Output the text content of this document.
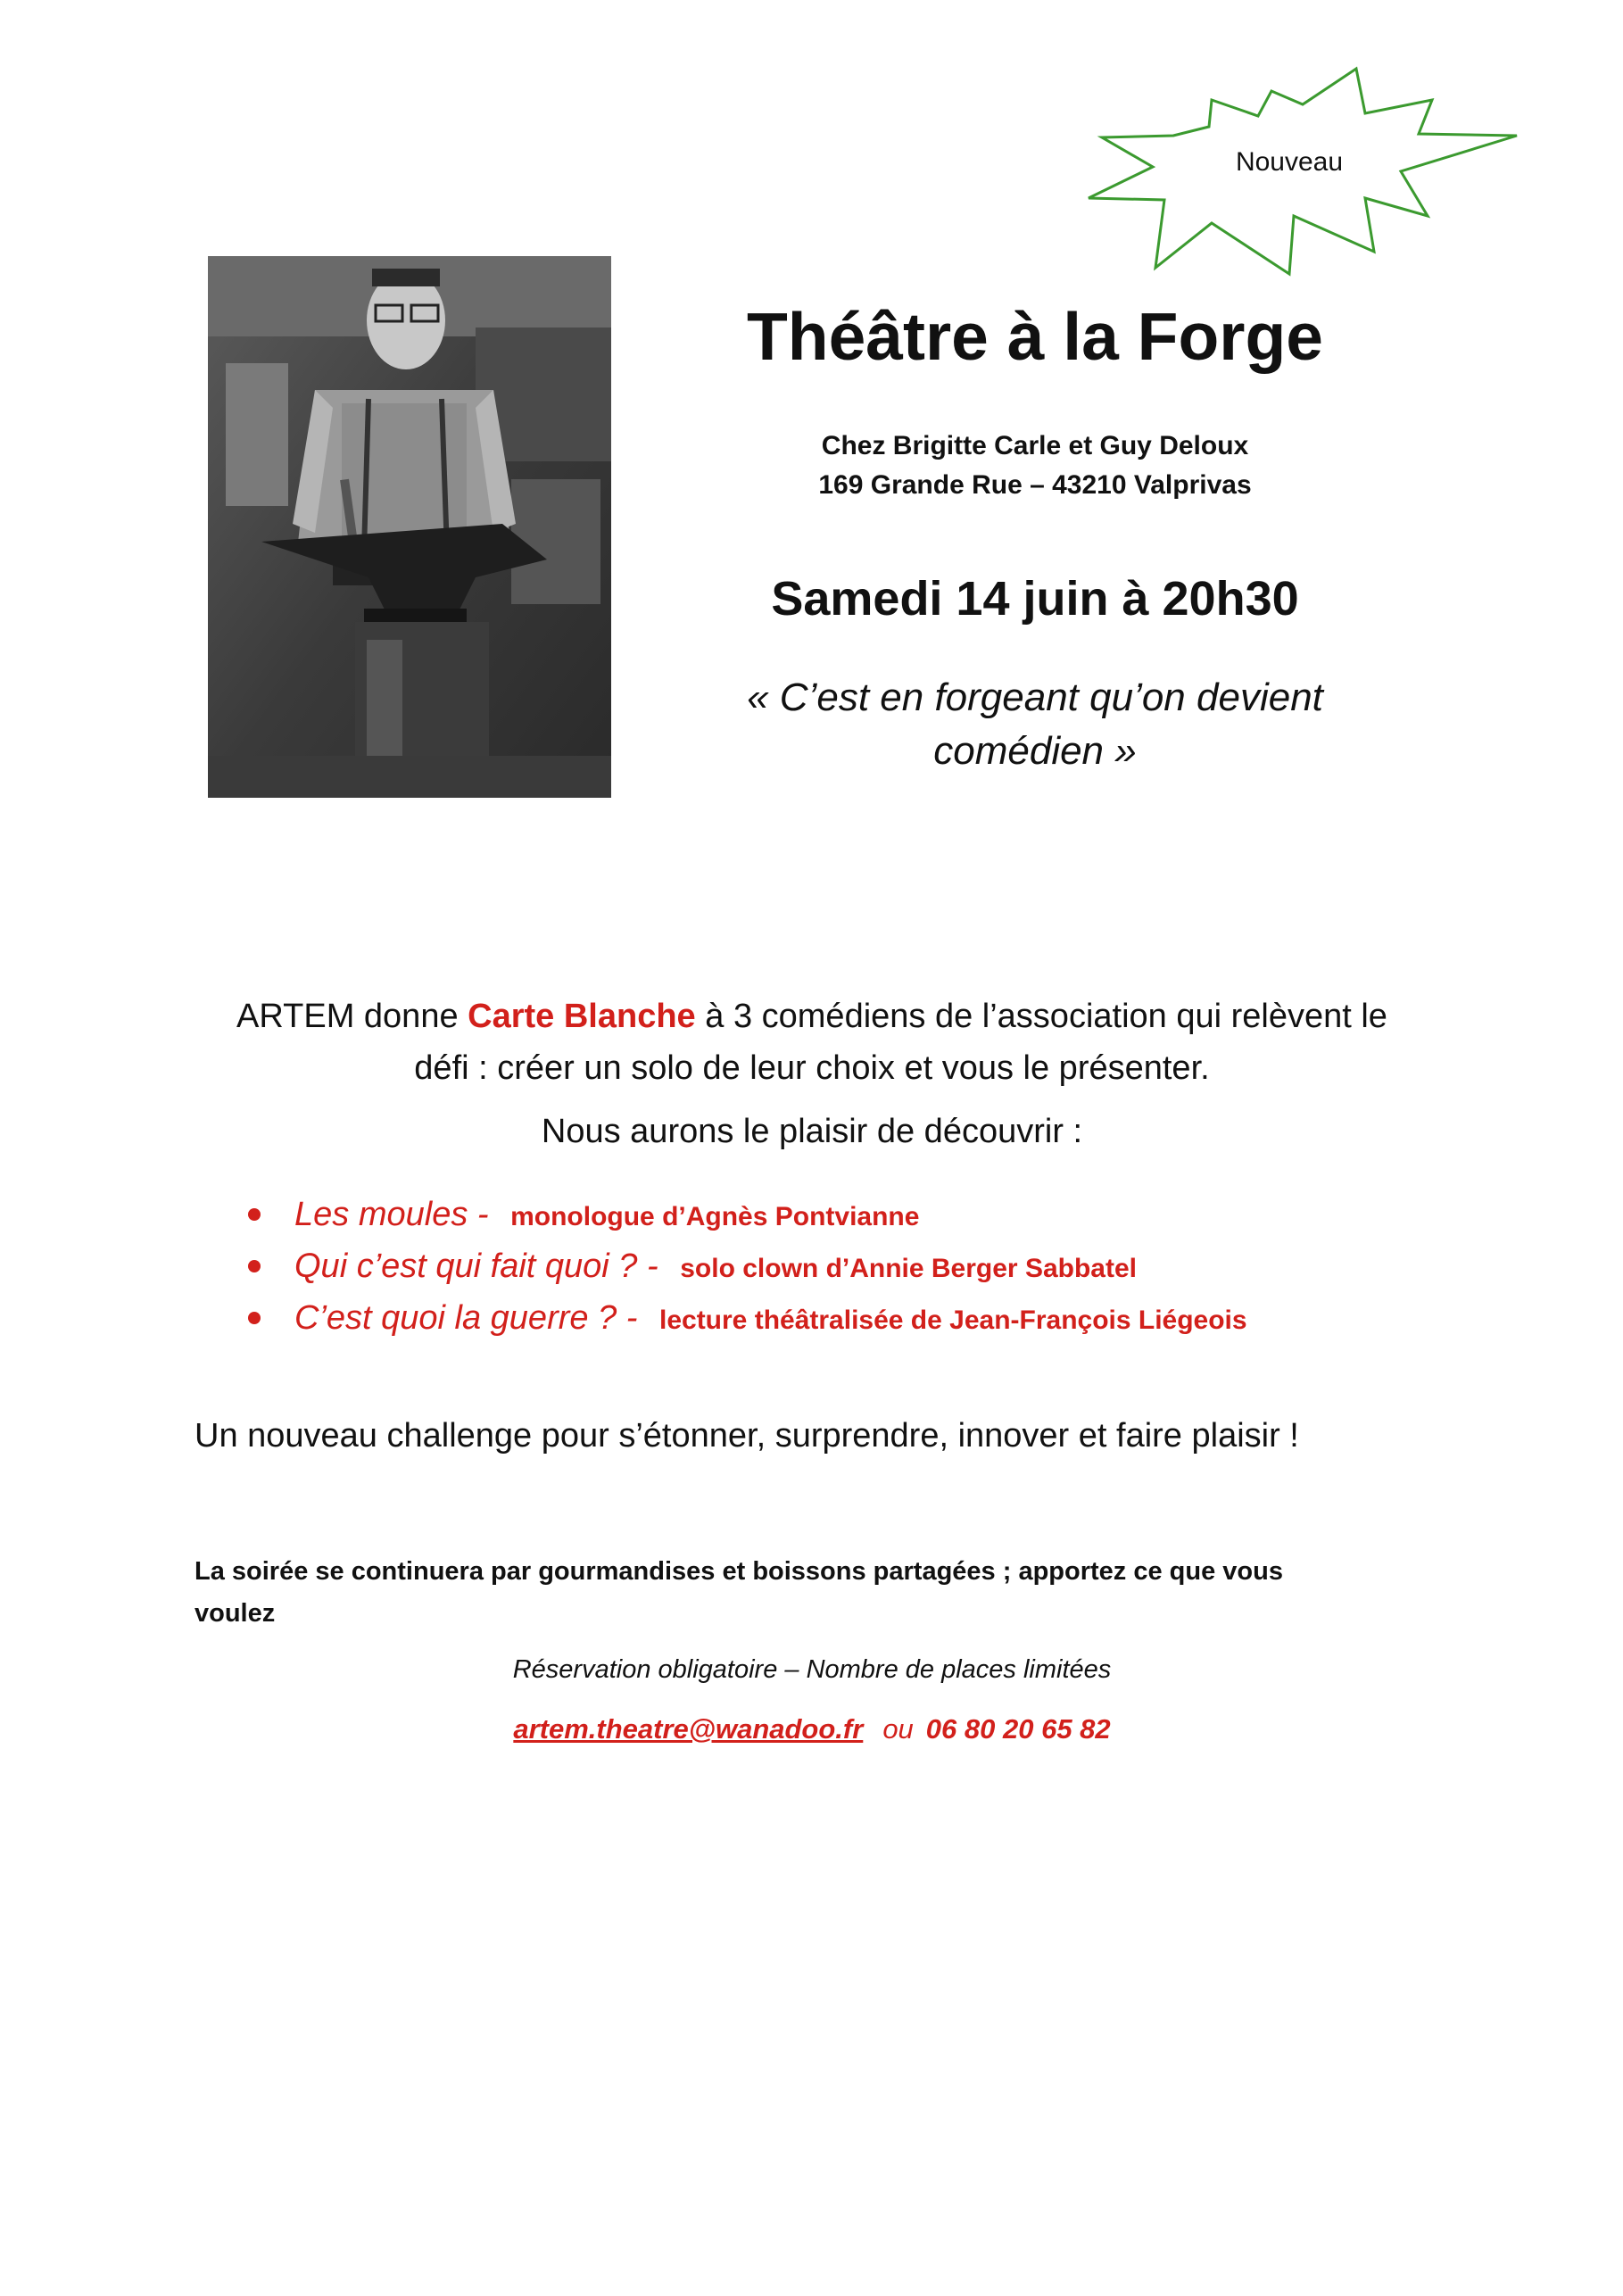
Nouveau
Théâtre à la Forge
Chez Brigitte Carle et Guy Deloux
169 Grande Rue – 43210 Valprivas
Samedi 14 juin à 20h30
« C’est en forgeant qu’on devient
comédien »
ARTEM donne Carte Blanche à 3 comédiens de l’association qui relèvent le
défi : créer un solo de leur choix et vous le présenter.
Nous aurons le plaisir de découvrir :
Les moules - monologue d’Agnès Pontvianne
Qui c’est qui fait quoi ? - solo clown d’Annie Berger Sabbatel
C’est quoi la guerre ? - lecture théâtralisée de Jean-François Liégeois
Un nouveau challenge pour s’étonner, surprendre, innover et faire plaisir !
La soirée se continuera par gourmandises et boissons partagées ; apportez ce que vous
voulez
Réservation obligatoire – Nombre de places limitées
artem.theatre@wanadoo.fr ou 06 80 20 65 82
